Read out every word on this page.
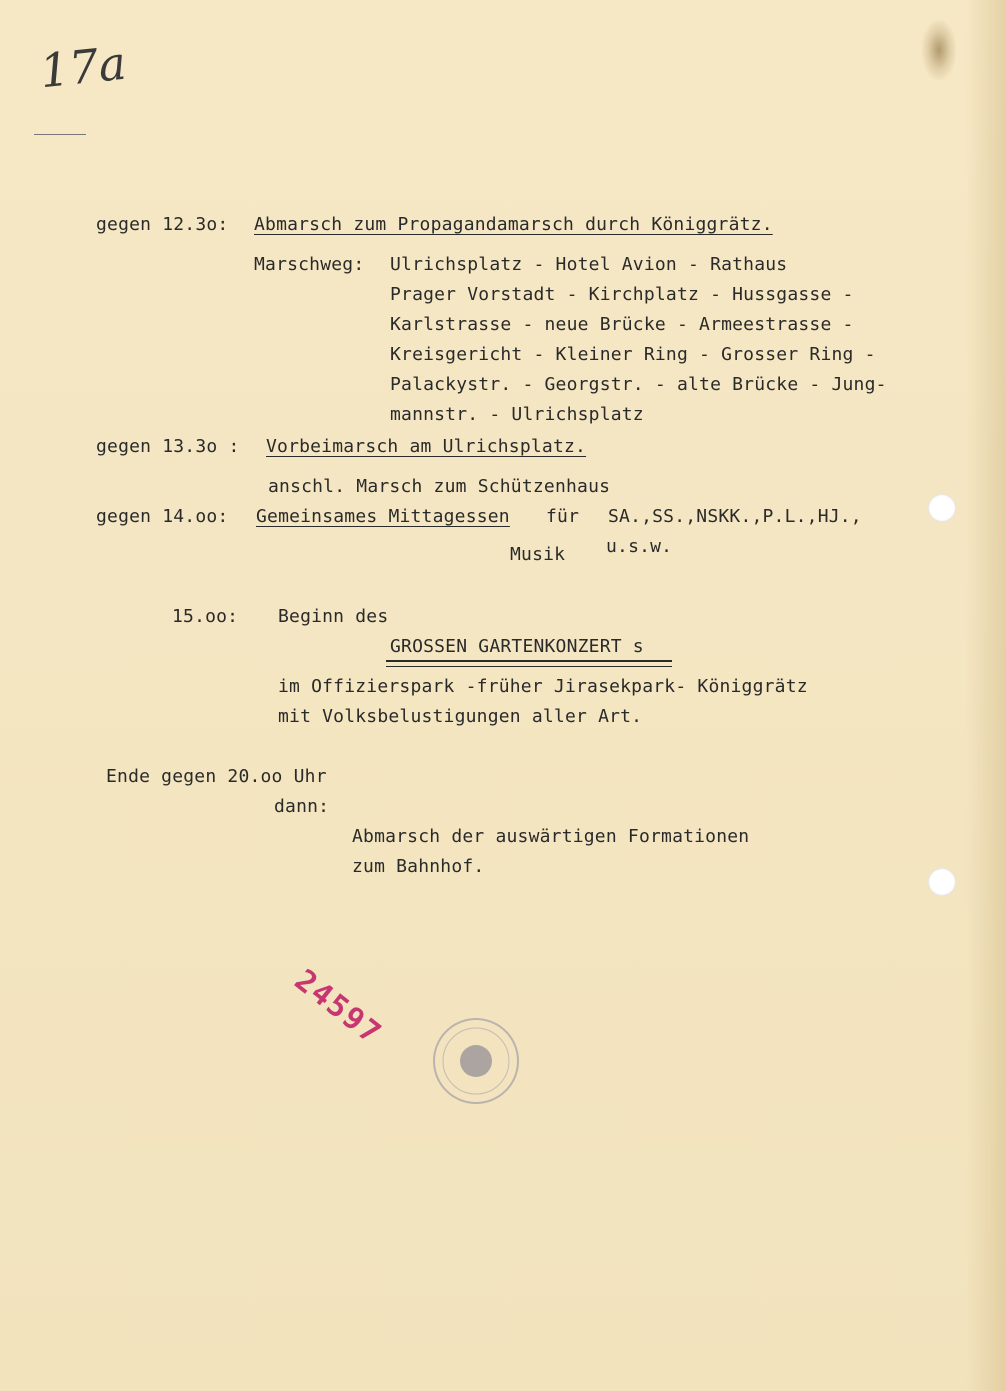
17a
gegen 12.3o: Abmarsch zum Propagandamarsch durch Königgrätz.
Marschweg: Ulrichsplatz - Hotel Avion - Rathaus
Prager Vorstadt - Kirchplatz - Hussgasse -
Karlstrasse - neue Brücke - Armeestrasse -
Kreisgericht - Kleiner Ring - Grosser Ring -
Palackystr. - Georgstr. - alte Brücke - Jung-
mannstr. - Ulrichsplatz
gegen 13.3o : Vorbeimarsch am Ulrichsplatz.
anschl. Marsch zum Schützenhaus
gegen 14.oo: Gemeinsames Mittagessen für SA.,SS.,NSKK.,P.L.,HJ.,
Musik u.s.w.
15.oo: Beginn des
GROSSEN GARTENKONZERT s
im Offizierspark -früher Jirasekpark- Königgrätz
mit Volksbelustigungen aller Art.
Ende gegen 20.oo Uhr
dann:
Abmarsch der auswärtigen Formationen
zum Bahnhof.
24597
